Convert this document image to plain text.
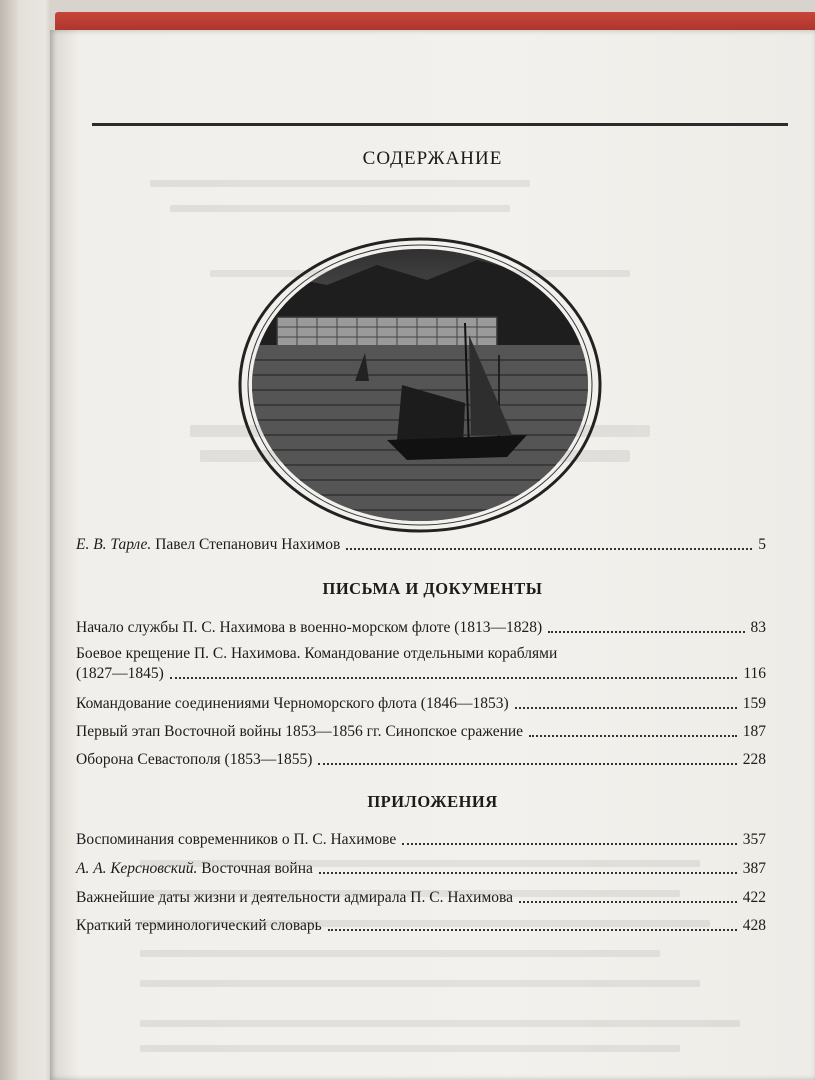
СОДЕРЖАНИЕ
Е. В. Тарле. Павел Степанович Нахимов	5
ПИСЬМА И ДОКУМЕНТЫ
Начало службы П. С. Нахимова в военно-морском флоте (1813—1828)	83
Боевое крещение П. С. Нахимова. Командование отдельными кораблями
(1827—1845)	116
Командование соединениями Черноморского флота (1846—1853)	159
Первый этап Восточной войны 1853—1856 гг. Синопское сражение	187
Оборона Севастополя (1853—1855)	228
ПРИЛОЖЕНИЯ
Воспоминания современников о П. С. Нахимове	357
А. А. Керсновский. Восточная война	387
Важнейшие даты жизни и деятельности адмирала П. С. Нахимова	422
Краткий терминологический словарь	428
